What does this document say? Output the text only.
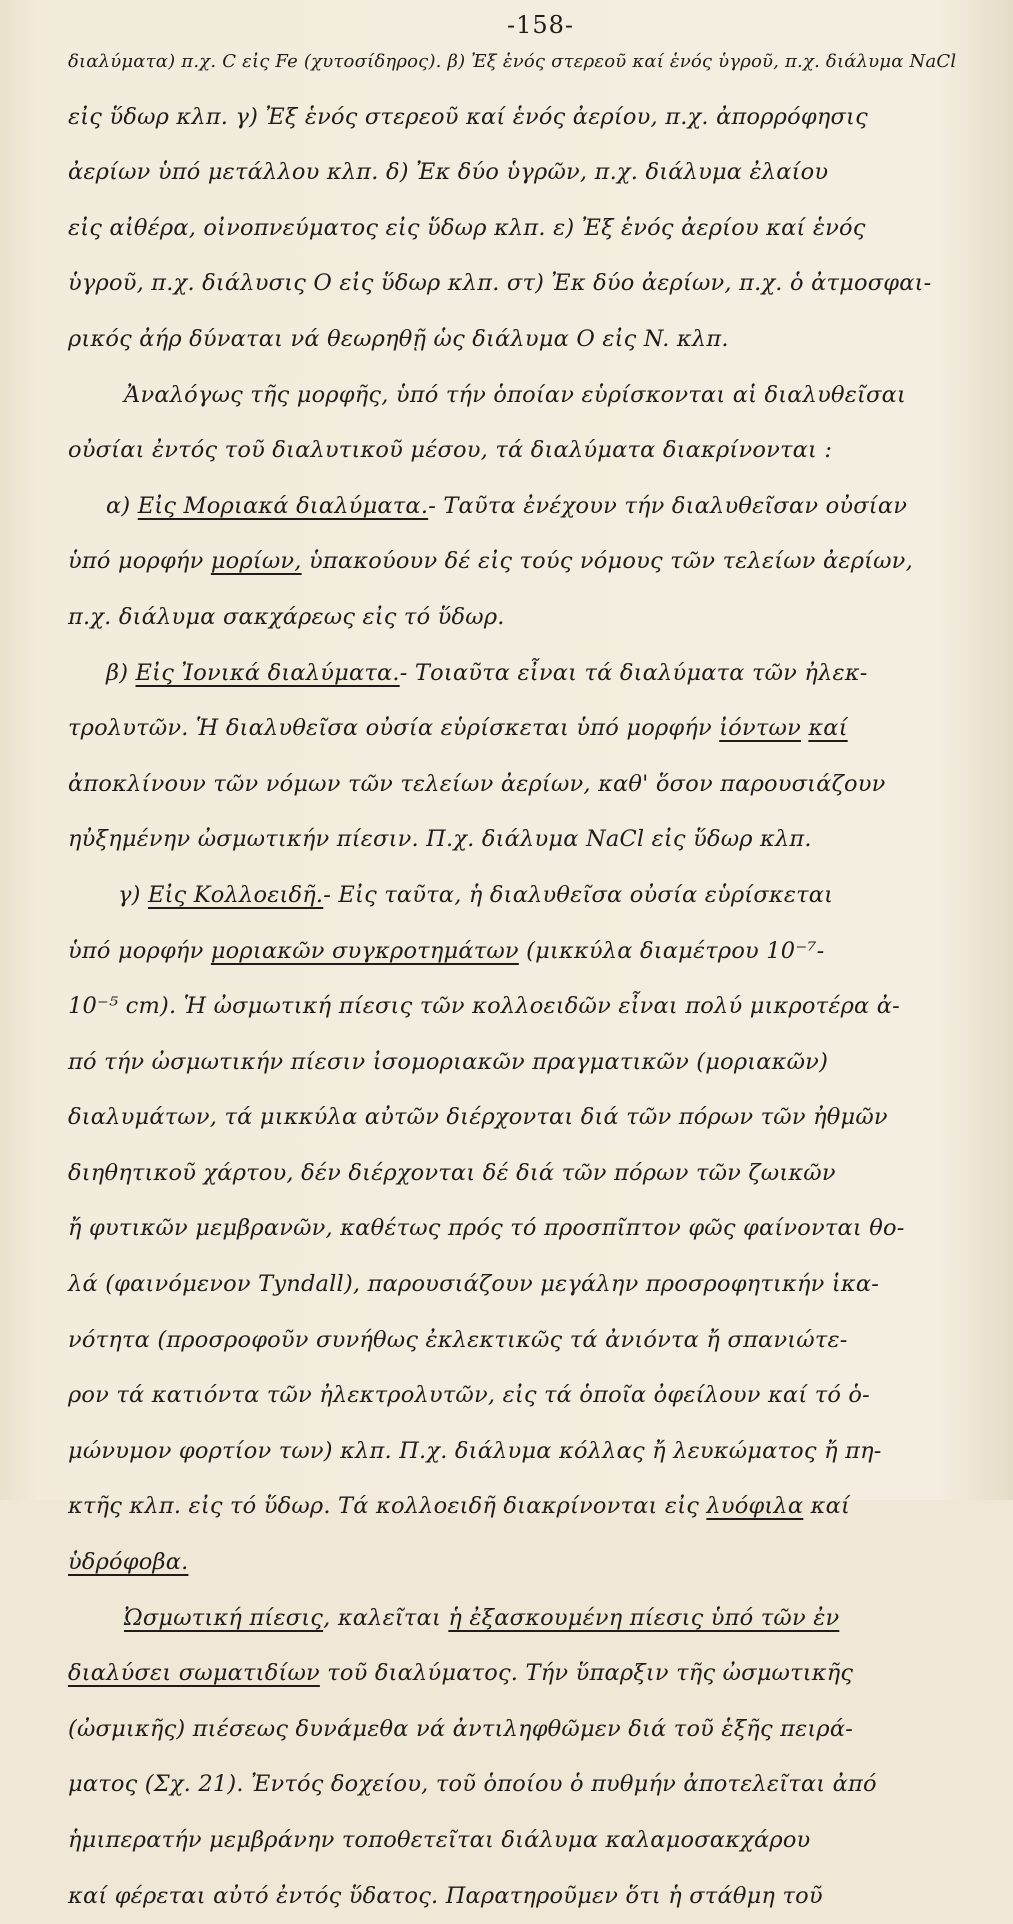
-158-
διαλύματα) π.χ. C εἰς Fe (χυτοσίδηρος). β) Ἐξ ἑνός στερεοῦ καί ἑνός ὑγροῦ, π.χ. διάλυμα NaCl
εἰς ὕδωρ κλπ. γ) Ἐξ ἑνός στερεοῦ καί ἑνός ἀερίου, π.χ. ἀπορρόφησις
ἀερίων ὑπό μετάλλου κλπ. δ) Ἐκ δύο ὑγρῶν, π.χ. διάλυμα ἐλαίου
εἰς αἰθέρα, οἰνοπνεύματος εἰς ὕδωρ κλπ. ε) Ἐξ ἑνός ἀερίου καί ἑνός
ὑγροῦ, π.χ. διάλυσις O εἰς ὕδωρ κλπ. στ) Ἐκ δύο ἀερίων, π.χ. ὁ ἀτμοσφαι-
ρικός ἀήρ δύναται νά θεωρηθῇ ὡς διάλυμα O εἰς N. κλπ.
Ἀναλόγως τῆς μορφῆς, ὑπό τήν ὁποίαν εὑρίσκονται αἱ διαλυθεῖσαι
οὐσίαι ἐντός τοῦ διαλυτικοῦ μέσου, τά διαλύματα διακρίνονται :
α) Εἰς Μοριακά διαλύματα.- Ταῦτα ἐνέχουν τήν διαλυθεῖσαν οὐσίαν
ὑπό μορφήν μορίων, ὑπακούουν δέ εἰς τούς νόμους τῶν τελείων ἀερίων,
π.χ. διάλυμα σακχάρεως εἰς τό ὕδωρ.
β) Εἰς Ἰονικά διαλύματα.- Τοιαῦτα εἶναι τά διαλύματα τῶν ἠλεκ-
τρολυτῶν. Ἡ διαλυθεῖσα οὐσία εὑρίσκεται ὑπό μορφήν ἰόντων καί
ἀποκλίνουν τῶν νόμων τῶν τελείων ἀερίων, καθ' ὅσον παρουσιάζουν
ηὐξημένην ὠσμωτικήν πίεσιν. Π.χ. διάλυμα NaCl εἰς ὕδωρ κλπ.
γ) Εἰς Κολλοειδῆ.- Εἰς ταῦτα, ἡ διαλυθεῖσα οὐσία εὑρίσκεται
ὑπό μορφήν μοριακῶν συγκροτημάτων (μικκύλα διαμέτρου 10⁻⁷-
10⁻⁵ cm). Ἡ ὠσμωτική πίεσις τῶν κολλοειδῶν εἶναι πολύ μικροτέρα ἀ-
πό τήν ὠσμωτικήν πίεσιν ἰσομοριακῶν πραγματικῶν (μοριακῶν)
διαλυμάτων, τά μικκύλα αὐτῶν διέρχονται διά τῶν πόρων τῶν ἠθμῶν
διηθητικοῦ χάρτου, δέν διέρχονται δέ διά τῶν πόρων τῶν ζωικῶν
ἤ φυτικῶν μεμβρανῶν, καθέτως πρός τό προσπῖπτον φῶς φαίνονται θο-
λά (φαινόμενον Tyndall), παρουσιάζουν μεγάλην προσροφητικήν ἱκα-
νότητα (προσροφοῦν συνήθως ἐκλεκτικῶς τά ἀνιόντα ἤ σπανιώτε-
ρον τά κατιόντα τῶν ἠλεκτρολυτῶν, εἰς τά ὁποῖα ὀφείλουν καί τό ὁ-
μώνυμον φορτίον των) κλπ. Π.χ. διάλυμα κόλλας ἤ λευκώματος ἤ πη-
κτῆς κλπ. εἰς τό ὕδωρ. Τά κολλοειδῆ διακρίνονται εἰς λυόφιλα καί
ὑδρόφοβα.
Ὠσμωτική πίεσις, καλεῖται ἡ ἐξασκουμένη πίεσις ὑπό τῶν ἐν
διαλύσει σωματιδίων τοῦ διαλύματος. Τήν ὕπαρξιν τῆς ὠσμωτικῆς
(ὠσμικῆς) πιέσεως δυνάμεθα νά ἀντιληφθῶμεν διά τοῦ ἑξῆς πειρά-
ματος (Σχ. 21). Ἐντός δοχείου, τοῦ ὁποίου ὁ πυθμήν ἀποτελεῖται ἀπό
ἡμιπερατήν μεμβράνην τοποθετεῖται διάλυμα καλαμοσακχάρου
καί φέρεται αὐτό ἐντός ὕδατος. Παρατηροῦμεν ὅτι ἡ στάθμη τοῦ
